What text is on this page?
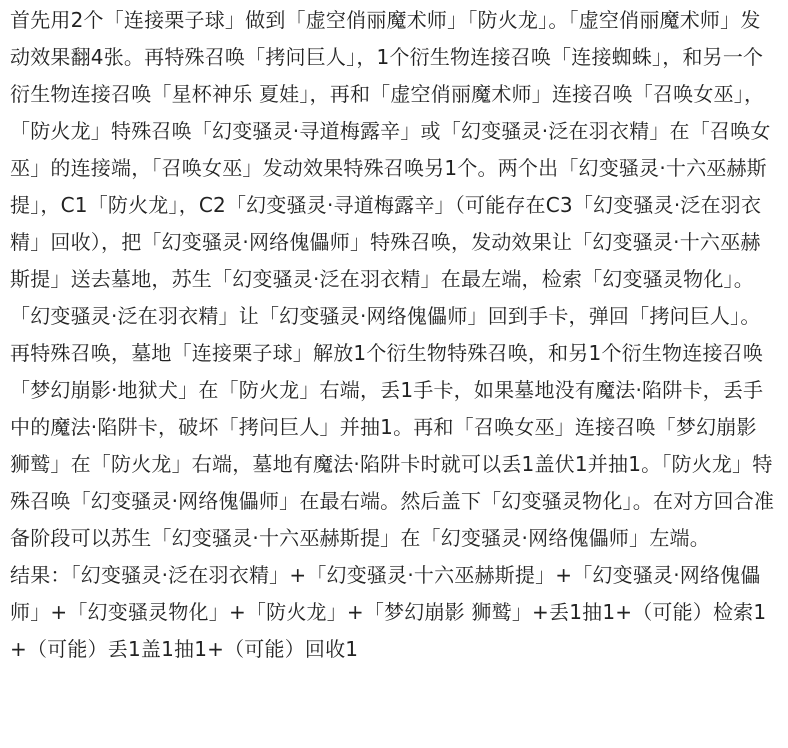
首先用2个「连接栗子球」做到「虚空俏丽魔术师」「防火龙」。「虚空俏丽魔术师」发动效果翻4张。再特殊召唤「拷问巨人」，1个衍生物连接召唤「连接蜘蛛」，和另一个衍生物连接召唤「星杯神乐 夏娃」，再和「虚空俏丽魔术师」连接召唤「召唤女巫」，「防火龙」特殊召唤「幻变骚灵·寻道梅露辛」或「幻变骚灵·泛在羽衣精」在「召唤女巫」的连接端，「召唤女巫」发动效果特殊召唤另1个。两个出「幻变骚灵·十六巫赫斯提」，C1「防火龙」，C2「幻变骚灵·寻道梅露辛」（可能存在C3「幻变骚灵·泛在羽衣精」回收），把「幻变骚灵·网络傀儡师」特殊召唤，发动效果让「幻变骚灵·十六巫赫斯提」送去墓地，苏生「幻变骚灵·泛在羽衣精」在最左端，检索「幻变骚灵物化」。

「幻变骚灵·泛在羽衣精」让「幻变骚灵·网络傀儡师」回到手卡，弹回「拷问巨人」。再特殊召唤，墓地「连接栗子球」解放1个衍生物特殊召唤，和另1个衍生物连接召唤「梦幻崩影·地狱犬」在「防火龙」右端，丢1手卡，如果墓地没有魔法·陷阱卡，丢手中的魔法·陷阱卡，破坏「拷问巨人」并抽1。再和「召唤女巫」连接召唤「梦幻崩影 狮鹫」在「防火龙」右端，墓地有魔法·陷阱卡时就可以丢1盖伏1并抽1。「防火龙」特殊召唤「幻变骚灵·网络傀儡师」在最右端。然后盖下「幻变骚灵物化」。在对方回合准备阶段可以苏生「幻变骚灵·十六巫赫斯提」在「幻变骚灵·网络傀儡师」左端。

结果：「幻变骚灵·泛在羽衣精」+「幻变骚灵·十六巫赫斯提」+「幻变骚灵·网络傀儡师」+「幻变骚灵物化」+「防火龙」+「梦幻崩影 狮鹫」+丢1抽1+（可能）检索1+（可能）丢1盖1抽1+（可能）回收1
